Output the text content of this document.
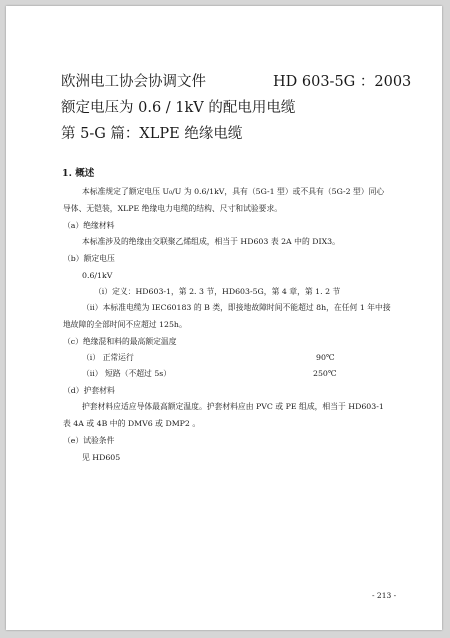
欧洲电工协会协调文件	HD 603-5G ：2003
额定电压为 0.6 / 1kV 的配电用电缆
第 5-G 篇：XLPE 绝缘电缆
1. 概述
本标准规定了额定电压 U₀/U 为 0.6/1kV，具有（5G-1 型）或不具有（5G-2 型）同心
导体、无铠装，XLPE 绝缘电力电缆的结构、尺寸和试验要求。
（a）绝缘材料
本标准涉及的绝缘由交联聚乙烯组成，相当于 HD603 表 2A 中的 DIX3。
（b）额定电压
0.6/1kV
（i）定义：HD603-1，第 2. 3 节，HD603-5G，第 4 章，第 1. 2 节
（ii）本标准电缆为 IEC60183 的 B 类，即接地故障时间不能超过 8h，在任何 1 年中接
地故障的全部时间不应超过 125h。
（c）绝缘混和料的最高额定温度
（i） 正常运行	90℃
（ii） 短路（不超过 5s）	250℃
（d）护套材料
护套材料应适应导体最高额定温度。护套材料应由 PVC 或 PE 组成，相当于 HD603-1
表 4A 或 4B 中的 DMV6 或 DMP2 。
（e）试验条件
见 HD605
- 213 -
